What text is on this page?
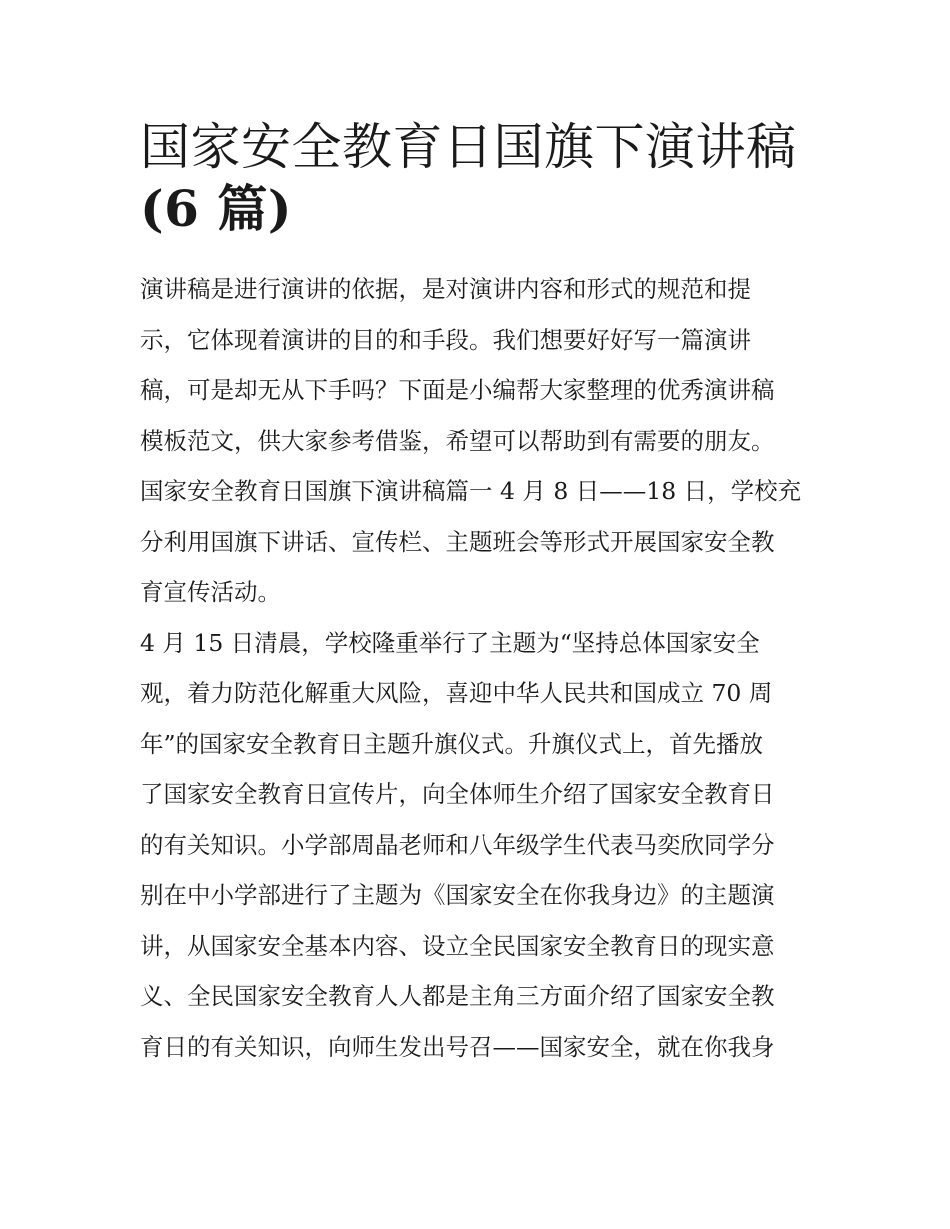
国家安全教育日国旗下演讲稿
(6 篇)

演讲稿是进行演讲的依据，是对演讲内容和形式的规范和提
示，它体现着演讲的目的和手段。我们想要好好写一篇演讲
稿，可是却无从下手吗？下面是小编帮大家整理的优秀演讲稿
模板范文，供大家参考借鉴，希望可以帮助到有需要的朋友。
国家安全教育日国旗下演讲稿篇一 4 月 8 日——18 日，学校充
分利用国旗下讲话、宣传栏、主题班会等形式开展国家安全教
育宣传活动。

4 月 15 日清晨，学校隆重举行了主题为“坚持总体国家安全
观，着力防范化解重大风险，喜迎中华人民共和国成立 70 周
年”的国家安全教育日主题升旗仪式。升旗仪式上，首先播放
了国家安全教育日宣传片，向全体师生介绍了国家安全教育日
的有关知识。小学部周晶老师和八年级学生代表马奕欣同学分
别在中小学部进行了主题为《国家安全在你我身边》的主题演
讲，从国家安全基本内容、设立全民国家安全教育日的现实意
义、全民国家安全教育人人都是主角三方面介绍了国家安全教
育日的有关知识，向师生发出号召——国家安全，就在你我身
